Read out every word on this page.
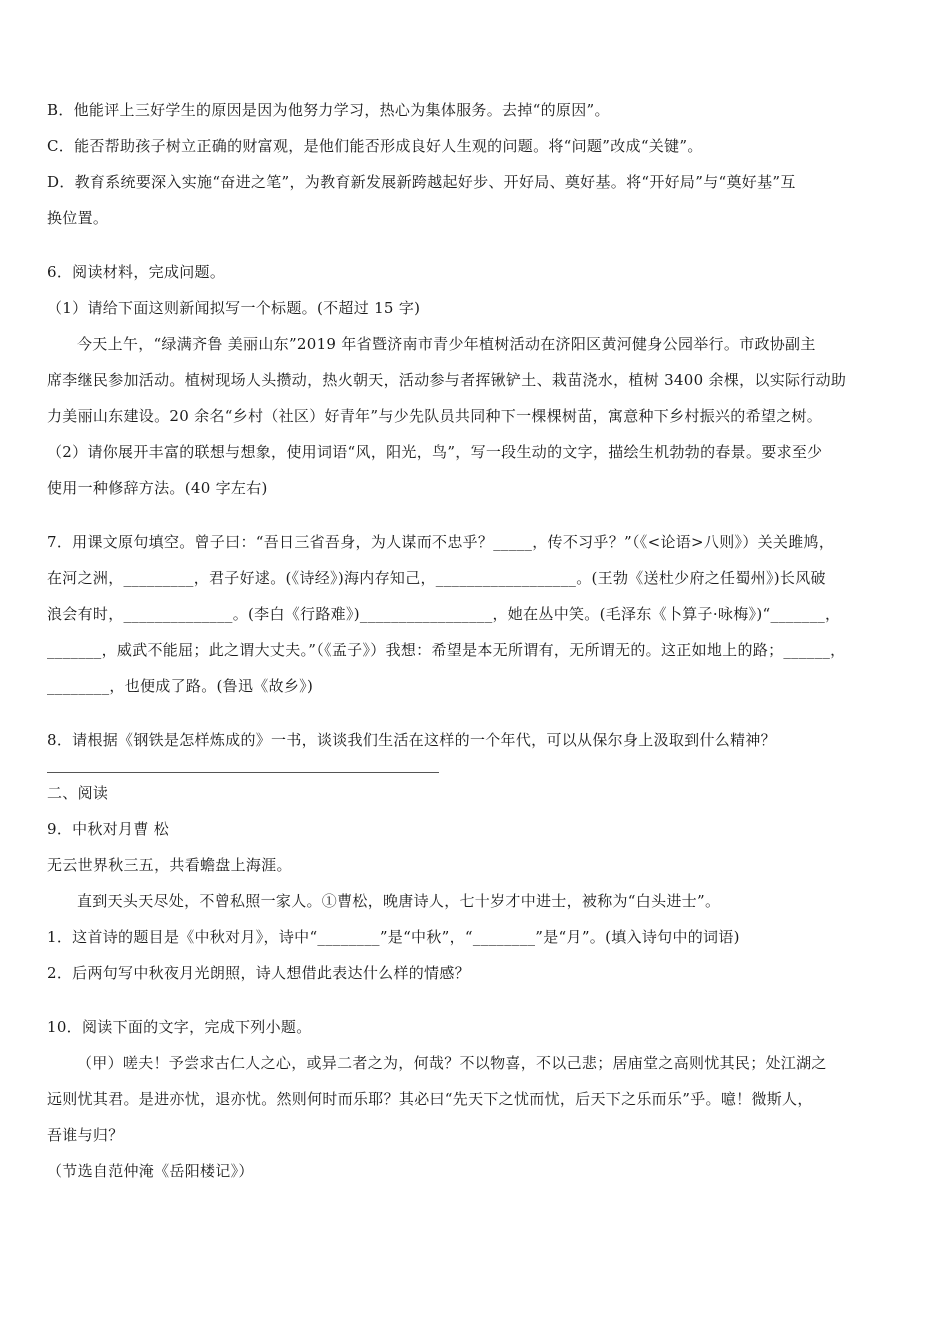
B．他能评上三好学生的原因是因为他努力学习，热心为集体服务。去掉“的原因”。
C．能否帮助孩子树立正确的财富观，是他们能否形成良好人生观的问题。将“问题”改成“关键”。
D．教育系统要深入实施“奋进之笔”，为教育新发展新跨越起好步、开好局、奠好基。将“开好局”与“奠好基”互
换位置。
6．阅读材料，完成问题。
（1）请给下面这则新闻拟写一个标题。(不超过 15 字)
今天上午，“绿满齐鲁 美丽山东”2019 年省暨济南市青少年植树活动在济阳区黄河健身公园举行。市政协副主
席李继民参加活动。植树现场人头攒动，热火朝天，活动参与者挥锹铲土、栽苗浇水，植树 3400 余棵，以实际行动助
力美丽山东建设。20 余名“乡村（社区）好青年”与少先队员共同种下一棵棵树苗，寓意种下乡村振兴的希望之树。
（2）请你展开丰富的联想与想象，使用词语“风，阳光，鸟”，写一段生动的文字，描绘生机勃勃的春景。要求至少
使用一种修辞方法。(40 字左右)
7．用课文原句填空。曾子曰：“吾日三省吾身，为人谋而不忠乎？_____，传不习乎？”（《<论语>八则》）关关雎鸠，
在河之洲，_________，君子好逑。(《诗经》)海内存知己，__________________。(王勃《送杜少府之任蜀州》)长风破
浪会有时，______________。(李白《行路难》)_________________，她在丛中笑。(毛泽东《卜算子·咏梅》)“_______，
_______，威武不能屈；此之谓大丈夫。”（《孟子》）我想：希望是本无所谓有，无所谓无的。这正如地上的路；______，
________，也便成了路。(鲁迅《故乡》)
8．请根据《钢铁是怎样炼成的》一书，谈谈我们生活在这样的一个年代，可以从保尔身上汲取到什么精神？
二、阅读
9．中秋对月曹 松
无云世界秋三五，共看蟾盘上海涯。
直到天头天尽处，不曾私照一家人。①曹松，晚唐诗人，七十岁才中进士，被称为“白头进士”。
1．这首诗的题目是《中秋对月》，诗中“________”是“中秋”，“________”是“月”。(填入诗句中的词语)
2．后两句写中秋夜月光朗照，诗人想借此表达什么样的情感？
10．阅读下面的文字，完成下列小题。
（甲）嗟夫！予尝求古仁人之心，或异二者之为，何哉？不以物喜，不以己悲；居庙堂之高则忧其民；处江湖之
远则忧其君。是进亦忧，退亦忧。然则何时而乐耶？其必曰“先天下之忧而忧，后天下之乐而乐”乎。噫！微斯人，
吾谁与归？
（节选自范仲淹《岳阳楼记》）
